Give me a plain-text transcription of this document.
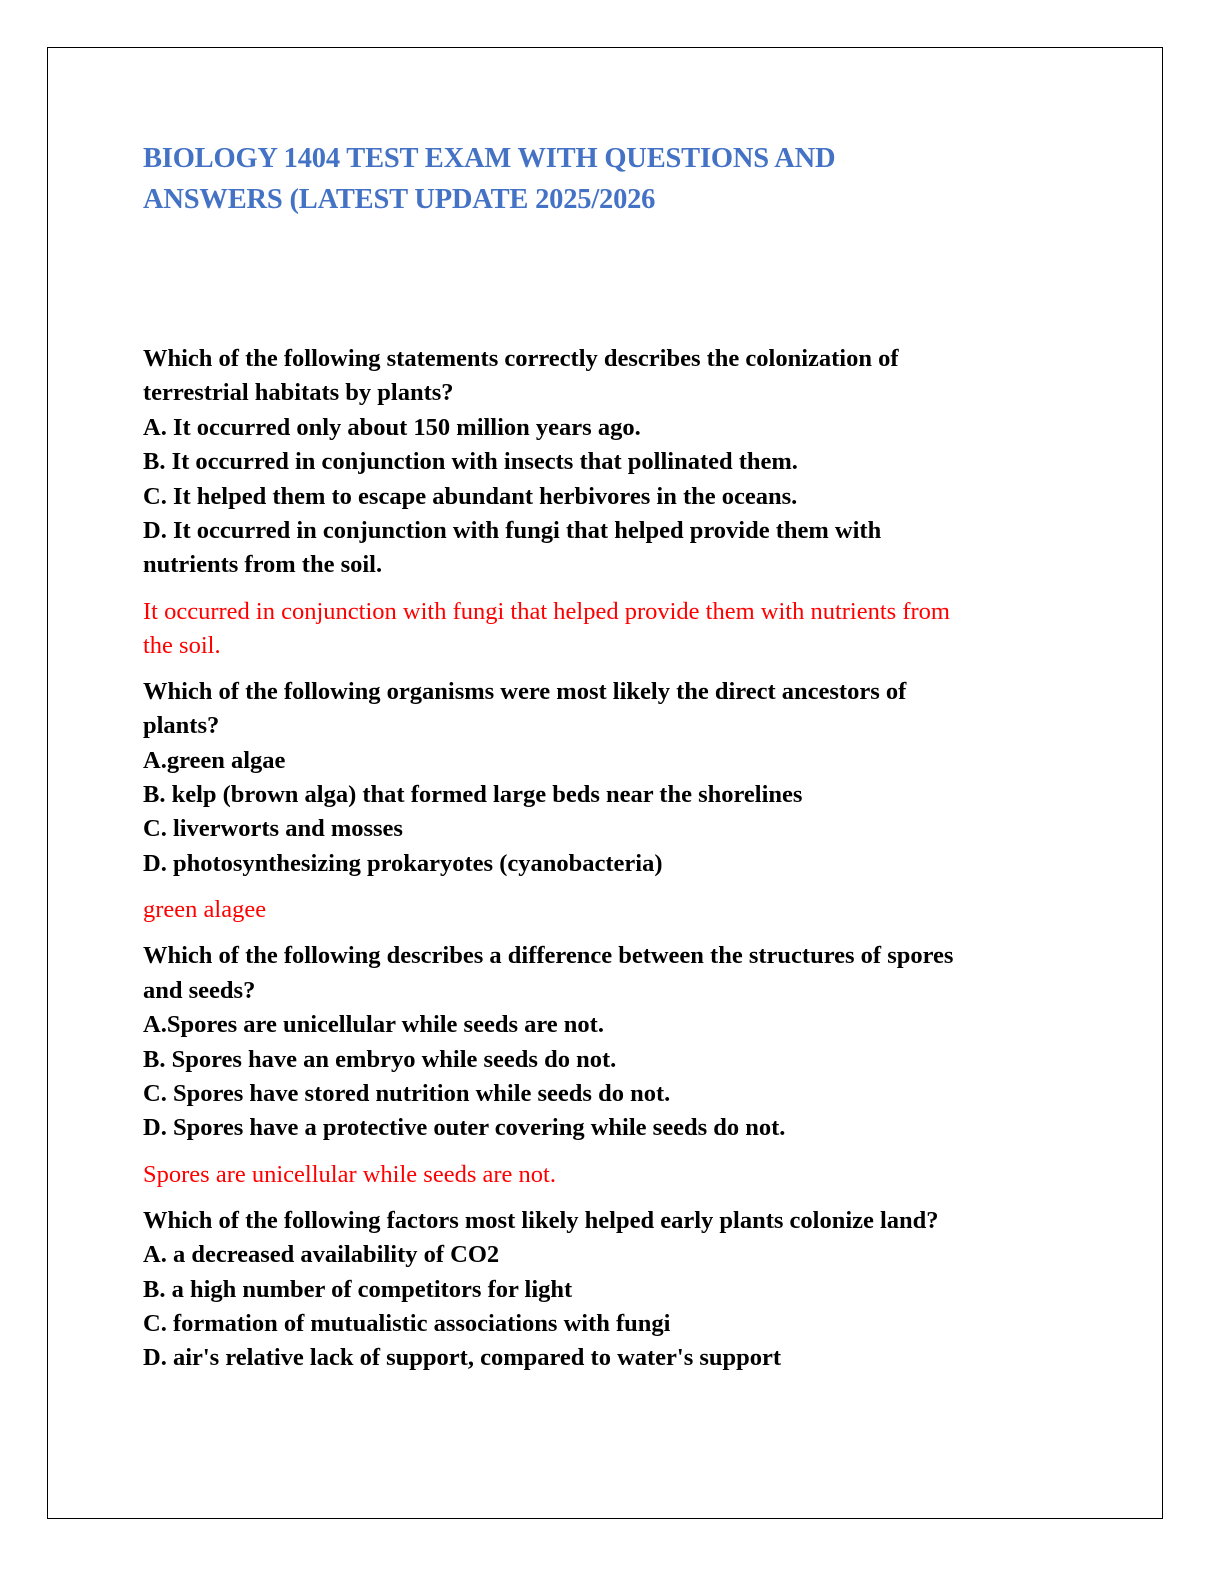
BIOLOGY 1404 TEST EXAM WITH QUESTIONS AND
ANSWERS (LATEST UPDATE 2025/2026
Which of the following statements correctly describes the colonization of
terrestrial habitats by plants?
A. It occurred only about 150 million years ago.
B. It occurred in conjunction with insects that pollinated them.
C. It helped them to escape abundant herbivores in the oceans.
D. It occurred in conjunction with fungi that helped provide them with
nutrients from the soil.
It occurred in conjunction with fungi that helped provide them with nutrients from
the soil.
Which of the following organisms were most likely the direct ancestors of
plants?
A.green algae
B. kelp (brown alga) that formed large beds near the shorelines
C. liverworts and mosses
D. photosynthesizing prokaryotes (cyanobacteria)
green alagee
Which of the following describes a difference between the structures of spores
and seeds?
A.Spores are unicellular while seeds are not.
B. Spores have an embryo while seeds do not.
C. Spores have stored nutrition while seeds do not.
D. Spores have a protective outer covering while seeds do not.
Spores are unicellular while seeds are not.
Which of the following factors most likely helped early plants colonize land?
A. a decreased availability of CO2
B. a high number of competitors for light
C. formation of mutualistic associations with fungi
D. air's relative lack of support, compared to water's support
